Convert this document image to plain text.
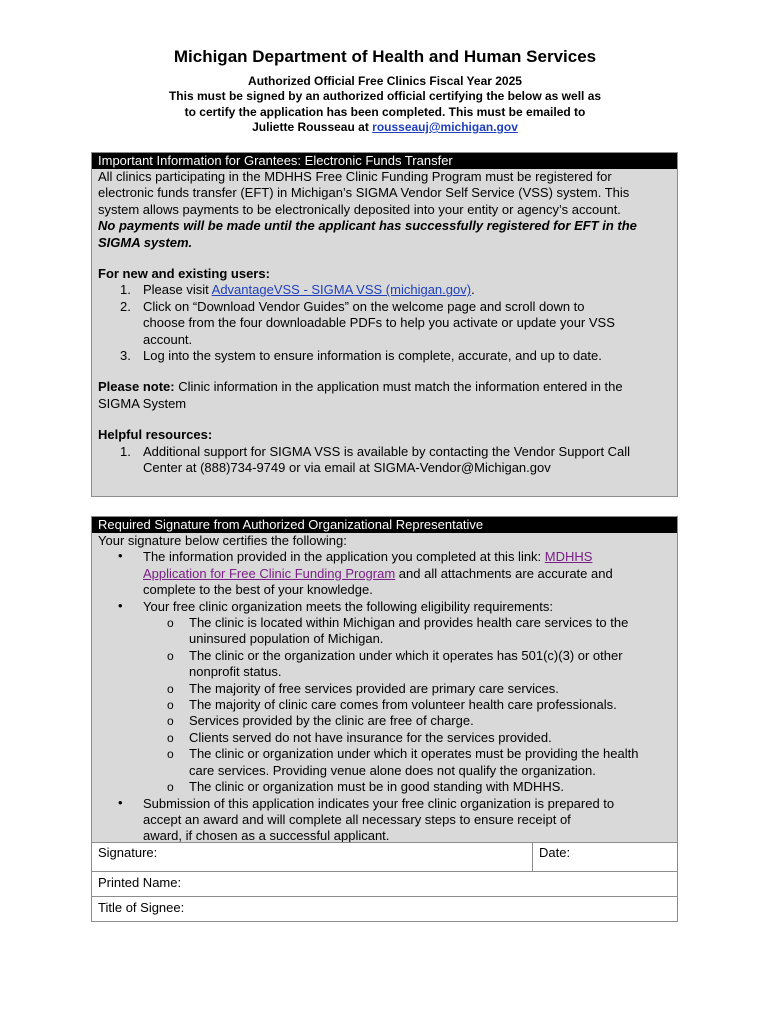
Michigan Department of Health and Human Services
Authorized Official Free Clinics Fiscal Year 2025
This must be signed by an authorized official certifying the below as well as
to certify the application has been completed. This must be emailed to
Juliette Rousseau at rousseauj@michigan.gov
Important Information for Grantees: Electronic Funds Transfer
All clinics participating in the MDHHS Free Clinic Funding Program must be registered for
electronic funds transfer (EFT) in Michigan’s SIGMA Vendor Self Service (VSS) system. This
system allows payments to be electronically deposited into your entity or agency’s account.
No payments will be made until the applicant has successfully registered for EFT in the
SIGMA system.
For new and existing users:
1. Please visit AdvantageVSS - SIGMA VSS (michigan.gov).
2. Click on “Download Vendor Guides” on the welcome page and scroll down to
choose from the four downloadable PDFs to help you activate or update your VSS
account.
3. Log into the system to ensure information is complete, accurate, and up to date.
Please note: Clinic information in the application must match the information entered in the
SIGMA System
Helpful resources:
1. Additional support for SIGMA VSS is available by contacting the Vendor Support Call
Center at (888)734-9749 or via email at SIGMA-Vendor@Michigan.gov
Required Signature from Authorized Organizational Representative
Your signature below certifies the following:
• The information provided in the application you completed at this link: MDHHS
Application for Free Clinic Funding Program and all attachments are accurate and
complete to the best of your knowledge.
• Your free clinic organization meets the following eligibility requirements:
o The clinic is located within Michigan and provides health care services to the
uninsured population of Michigan.
o The clinic or the organization under which it operates has 501(c)(3) or other
nonprofit status.
o The majority of free services provided are primary care services.
o The majority of clinic care comes from volunteer health care professionals.
o Services provided by the clinic are free of charge.
o Clients served do not have insurance for the services provided.
o The clinic or organization under which it operates must be providing the health
care services. Providing venue alone does not qualify the organization.
o The clinic or organization must be in good standing with MDHHS.
• Submission of this application indicates your free clinic organization is prepared to
accept an award and will complete all necessary steps to ensure receipt of
award, if chosen as a successful applicant.
Signature:	Date:
Printed Name:
Title of Signee:
